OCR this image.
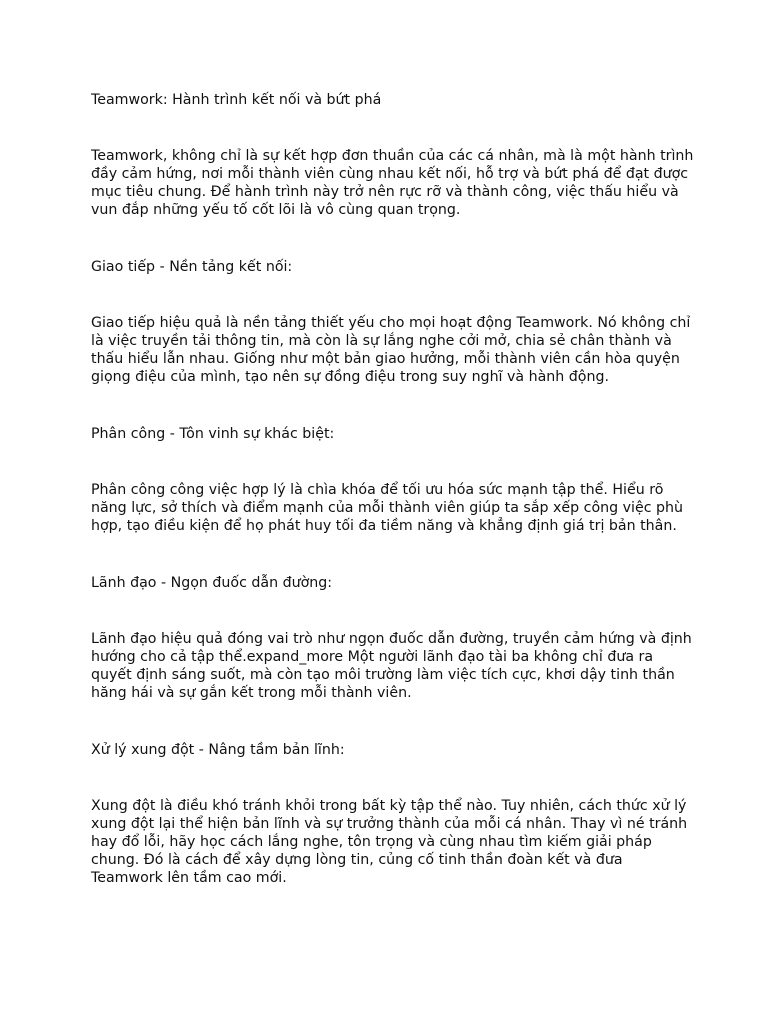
Teamwork: Hành trình kết nối và bứt phá

Teamwork, không chỉ là sự kết hợp đơn thuần của các cá nhân, mà là một hành trình

đầy cảm hứng, nơi mỗi thành viên cùng nhau kết nối, hỗ trợ và bứt phá để đạt được

mục tiêu chung. Để hành trình này trở nên rực rỡ và thành công, việc thấu hiểu và

vun đắp những yếu tố cốt lõi là vô cùng quan trọng.

Giao tiếp - Nền tảng kết nối:

Giao tiếp hiệu quả là nền tảng thiết yếu cho mọi hoạt động Teamwork. Nó không chỉ

là việc truyền tải thông tin, mà còn là sự lắng nghe cởi mở, chia sẻ chân thành và

thấu hiểu lẫn nhau. Giống như một bản giao hưởng, mỗi thành viên cần hòa quyện

giọng điệu của mình, tạo nên sự đồng điệu trong suy nghĩ và hành động.

Phân công - Tôn vinh sự khác biệt:

Phân công công việc hợp lý là chìa khóa để tối ưu hóa sức mạnh tập thể. Hiểu rõ

năng lực, sở thích và điểm mạnh của mỗi thành viên giúp ta sắp xếp công việc phù

hợp, tạo điều kiện để họ phát huy tối đa tiềm năng và khẳng định giá trị bản thân.

Lãnh đạo - Ngọn đuốc dẫn đường:

Lãnh đạo hiệu quả đóng vai trò như ngọn đuốc dẫn đường, truyền cảm hứng và định

hướng cho cả tập thể.expand_more Một người lãnh đạo tài ba không chỉ đưa ra

quyết định sáng suốt, mà còn tạo môi trường làm việc tích cực, khơi dậy tinh thần

hăng hái và sự gắn kết trong mỗi thành viên.

Xử lý xung đột - Nâng tầm bản lĩnh:

Xung đột là điều khó tránh khỏi trong bất kỳ tập thể nào. Tuy nhiên, cách thức xử lý

xung đột lại thể hiện bản lĩnh và sự trưởng thành của mỗi cá nhân. Thay vì né tránh

hay đổ lỗi, hãy học cách lắng nghe, tôn trọng và cùng nhau tìm kiếm giải pháp

chung. Đó là cách để xây dựng lòng tin, củng cố tinh thần đoàn kết và đưa

Teamwork lên tầm cao mới.
